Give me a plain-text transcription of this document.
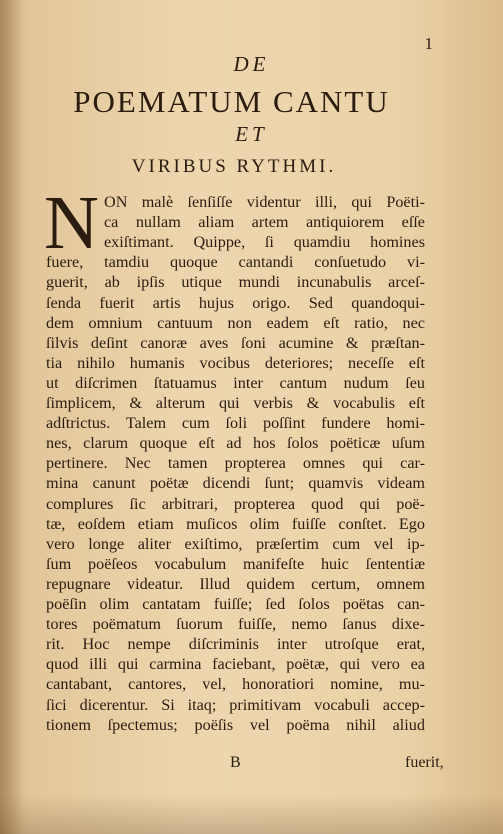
1
DE
POEMATUM CANTU
ET
VIRIBUS RYTHMI.
N ON malè ſenſiſſe videntur illi, qui Poëti-
ca nullam aliam artem antiquiorem eſſe
exiſtimant. Quippe, ſi quamdiu homines
fuere, tamdiu quoque cantandi conſuetudo vi-
guerit, ab ipſis utique mundi incunabulis arceſ-
ſenda fuerit artis hujus origo. Sed quandoqui-
dem omnium cantuum non eadem eſt ratio, nec
ſilvis deſint canoræ aves ſoni acumine & præſtan-
tia nihilo humanis vocibus deteriores; neceſſe eſt
ut diſcrimen ſtatuamus inter cantum nudum ſeu
ſimplicem, & alterum qui verbis & vocabulis eſt
adſtrictus. Talem cum ſoli poſſint fundere homi-
nes, clarum quoque eſt ad hos ſolos poëticæ uſum
pertinere. Nec tamen propterea omnes qui car-
mina canunt poëtæ dicendi ſunt; quamvis videam
complures ſic arbitrari, propterea quod qui poë-
tæ, eoſdem etiam muſicos olim fuiſſe conſtet. Ego
vero longe aliter exiſtimo, præſertim cum vel ip-
ſum poëſeos vocabulum manifeſte huic ſententiæ
repugnare videatur. Illud quidem certum, omnem
poëſin olim cantatam fuiſſe; ſed ſolos poëtas can-
tores poëmatum ſuorum fuiſſe, nemo ſanus dixe-
rit. Hoc nempe diſcriminis inter utroſque erat,
quod illi qui carmina faciebant, poëtæ, qui vero ea
cantabant, cantores, vel, honoratiori nomine, mu-
ſici dicerentur. Si itaq; primitivam vocabuli accep-
tionem ſpectemus; poëſis vel poëma nihil aliud
B	fuerit,
